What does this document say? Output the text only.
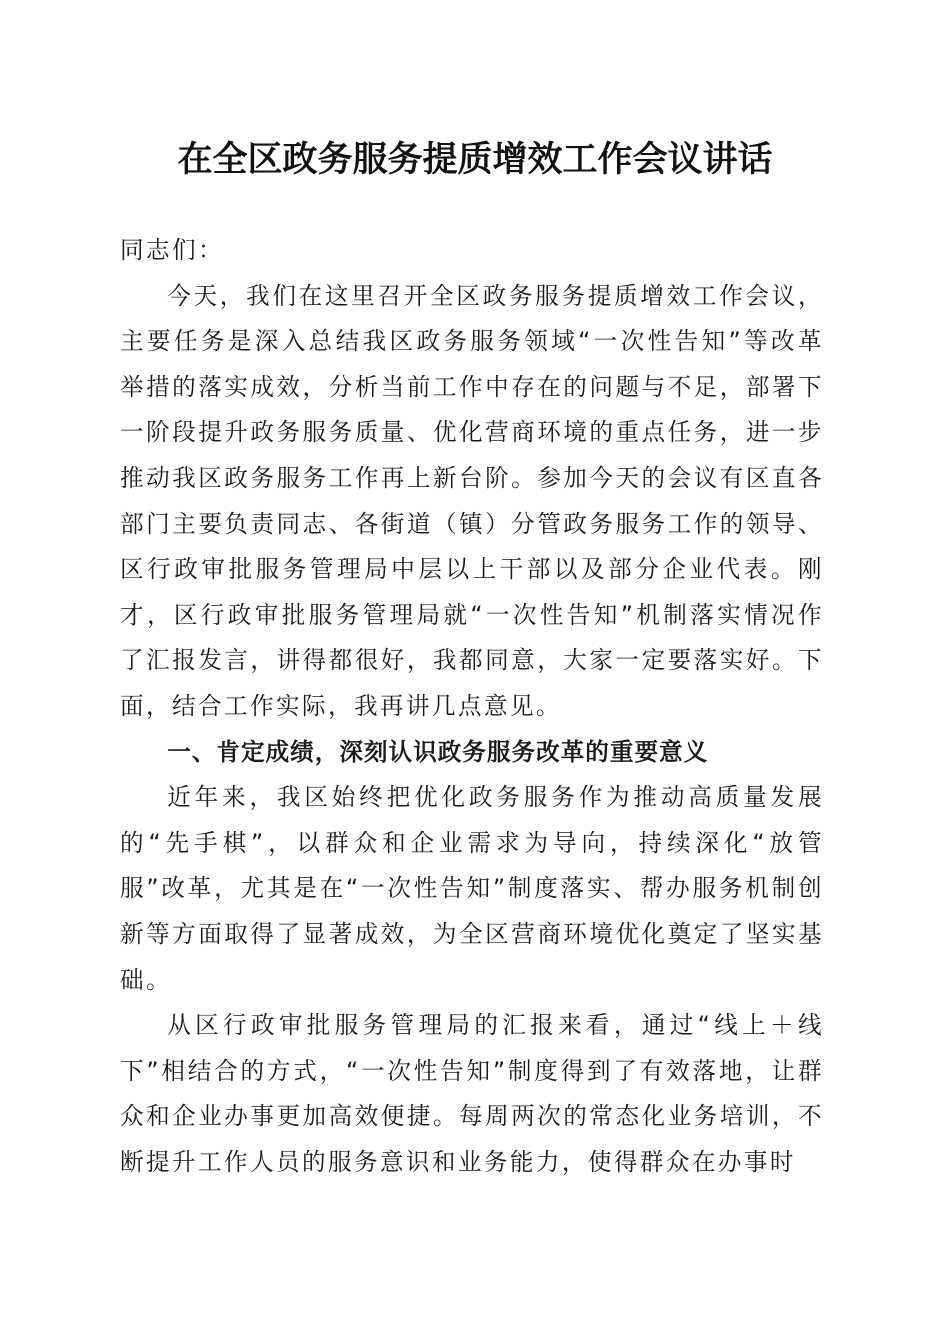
在全区政务服务提质增效工作会议讲话

同志们：

今天，我们在这里召开全区政务服务提质增效工作会议，主要任务是深入总结我区政务服务领域“一次性告知”等改革举措的落实成效，分析当前工作中存在的问题与不足，部署下一阶段提升政务服务质量、优化营商环境的重点任务，进一步推动我区政务服务工作再上新台阶。参加今天的会议有区直各部门主要负责同志、各街道（镇）分管政务服务工作的领导、区行政审批服务管理局中层以上干部以及部分企业代表。刚才，区行政审批服务管理局就“一次性告知”机制落实情况作了汇报发言，讲得都很好，我都同意，大家一定要落实好。下面，结合工作实际，我再讲几点意见。

一、肯定成绩，深刻认识政务服务改革的重要意义

近年来，我区始终把优化政务服务作为推动高质量发展的“先手棋”，以群众和企业需求为导向，持续深化“放管服”改革，尤其是在“一次性告知”制度落实、帮办服务机制创新等方面取得了显著成效，为全区营商环境优化奠定了坚实基础。

从区行政审批服务管理局的汇报来看，通过“线上＋线下”相结合的方式，“一次性告知”制度得到了有效落地，让群众和企业办事更加高效便捷。每周两次的常态化业务培训，不断提升工作人员的服务意识和业务能力，使得群众在办事时
